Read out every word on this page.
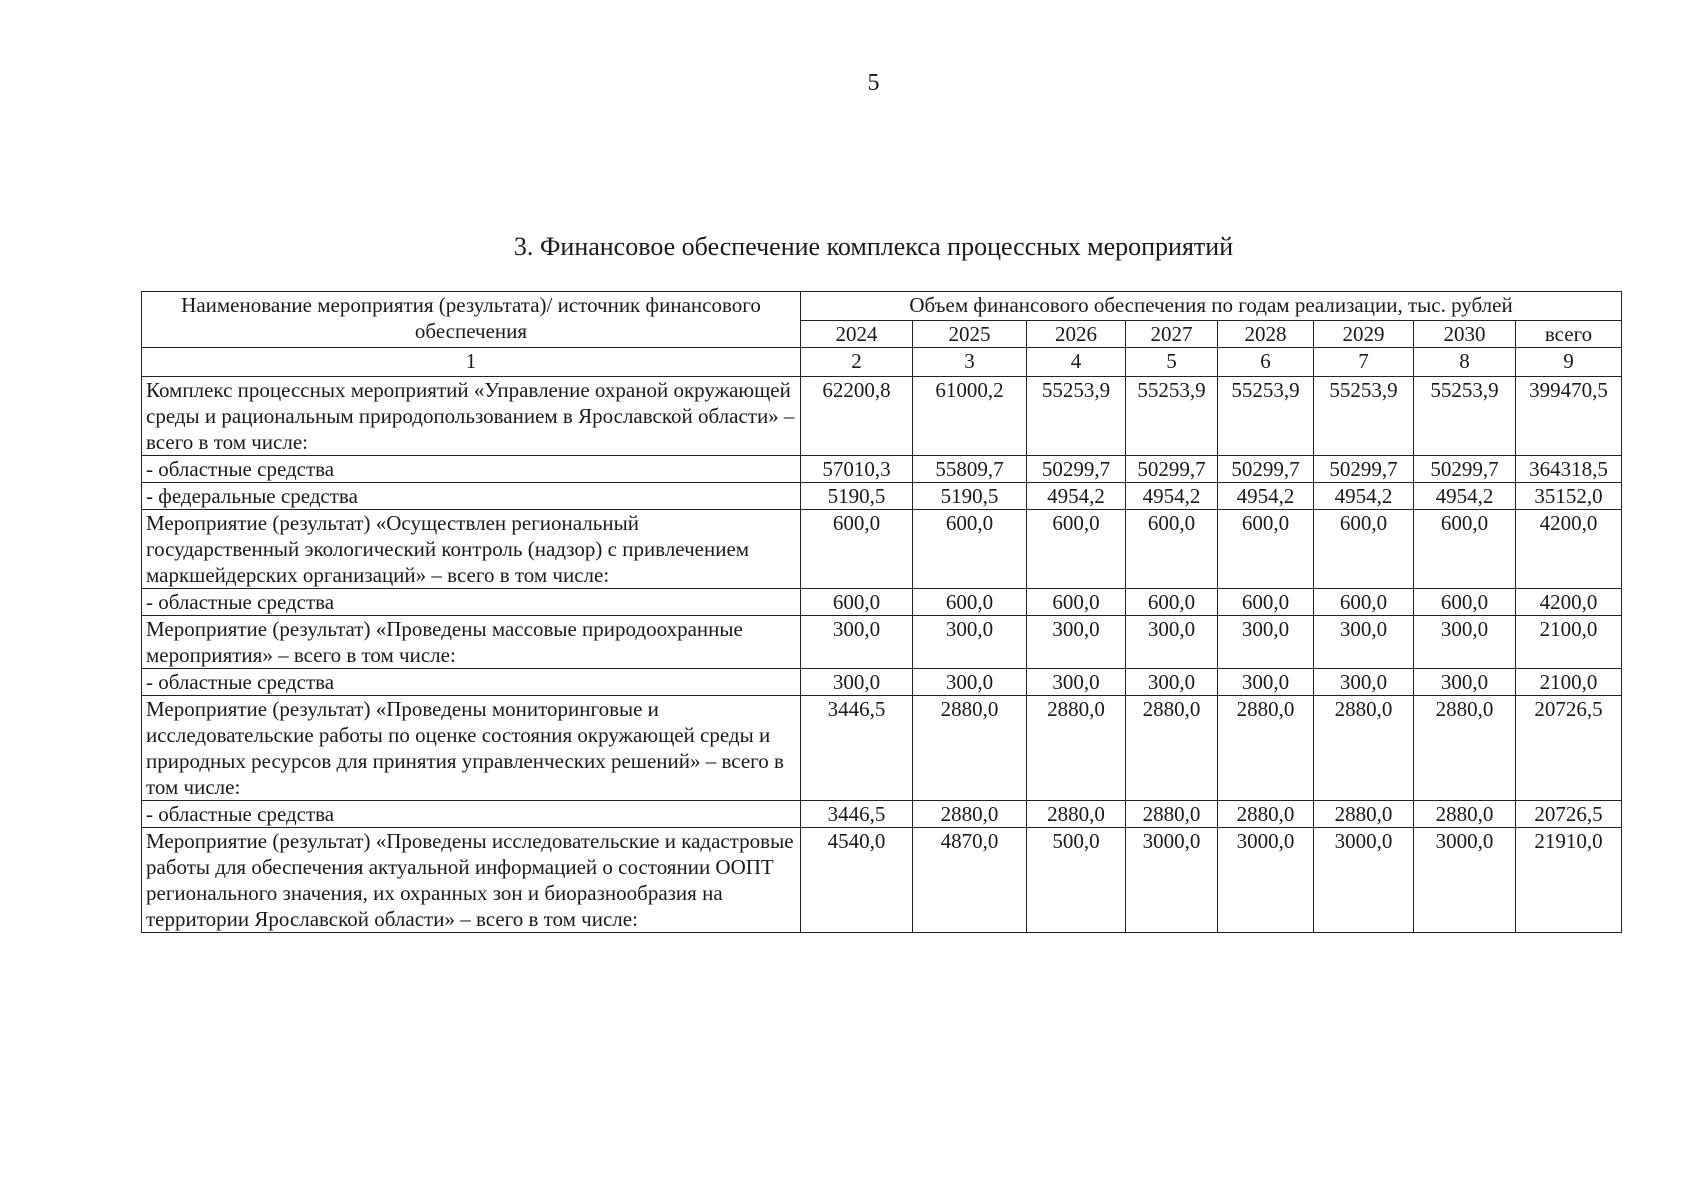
5
3. Финансовое обеспечение комплекса процессных мероприятий
Наименование мероприятия (результата)/ источник финансового обеспечения	Объем финансового обеспечения по годам реализации, тыс. рублей							
	2024	2025	2026	2027	2028	2029	2030	всего
1	2	3	4	5	6	7	8	9
Комплекс процессных мероприятий «Управление охраной окружающей среды и рациональным природопользованием в Ярославской области» – всего в том числе:	62200,8	61000,2	55253,9	55253,9	55253,9	55253,9	55253,9	399470,5
- областные средства	57010,3	55809,7	50299,7	50299,7	50299,7	50299,7	50299,7	364318,5
- федеральные средства	5190,5	5190,5	4954,2	4954,2	4954,2	4954,2	4954,2	35152,0
Мероприятие (результат) «Осуществлен региональный государственный экологический контроль (надзор) с привлечением маркшейдерских организаций» – всего в том числе:	600,0	600,0	600,0	600,0	600,0	600,0	600,0	4200,0
- областные средства	600,0	600,0	600,0	600,0	600,0	600,0	600,0	4200,0
Мероприятие (результат) «Проведены массовые природоохранные мероприятия» – всего в том числе:	300,0	300,0	300,0	300,0	300,0	300,0	300,0	2100,0
- областные средства	300,0	300,0	300,0	300,0	300,0	300,0	300,0	2100,0
Мероприятие (результат) «Проведены мониторинговые и исследовательские работы по оценке состояния окружающей среды и природных ресурсов для принятия управленческих решений» – всего в том числе:	3446,5	2880,0	2880,0	2880,0	2880,0	2880,0	2880,0	20726,5
- областные средства	3446,5	2880,0	2880,0	2880,0	2880,0	2880,0	2880,0	20726,5
Мероприятие (результат) «Проведены исследовательские и кадастровые работы для обеспечения актуальной информацией о состоянии ООПТ регионального значения, их охранных зон и биоразнообразия на территории Ярославской области» – всего в том числе:	4540,0	4870,0	500,0	3000,0	3000,0	3000,0	3000,0	21910,0
